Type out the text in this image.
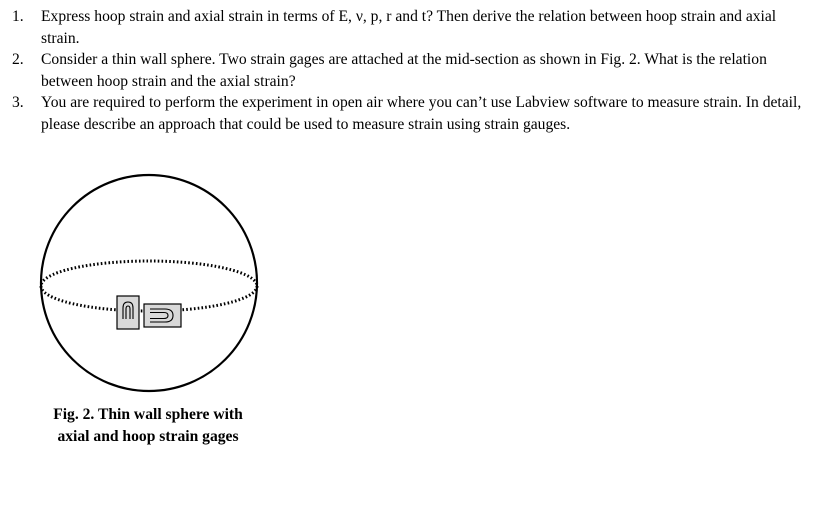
1. Express hoop strain and axial strain in terms of E, ν, p, r and t? Then derive the relation between hoop strain and axial strain.
2. Consider a thin wall sphere. Two strain gages are attached at the mid-section as shown in Fig. 2. What is the relation between hoop strain and the axial strain?
3. You are required to perform the experiment in open air where you can’t use Labview software to measure strain. In detail, please describe an approach that could be used to measure strain using strain gauges.
Fig. 2. Thin wall sphere with
axial and hoop strain gages
